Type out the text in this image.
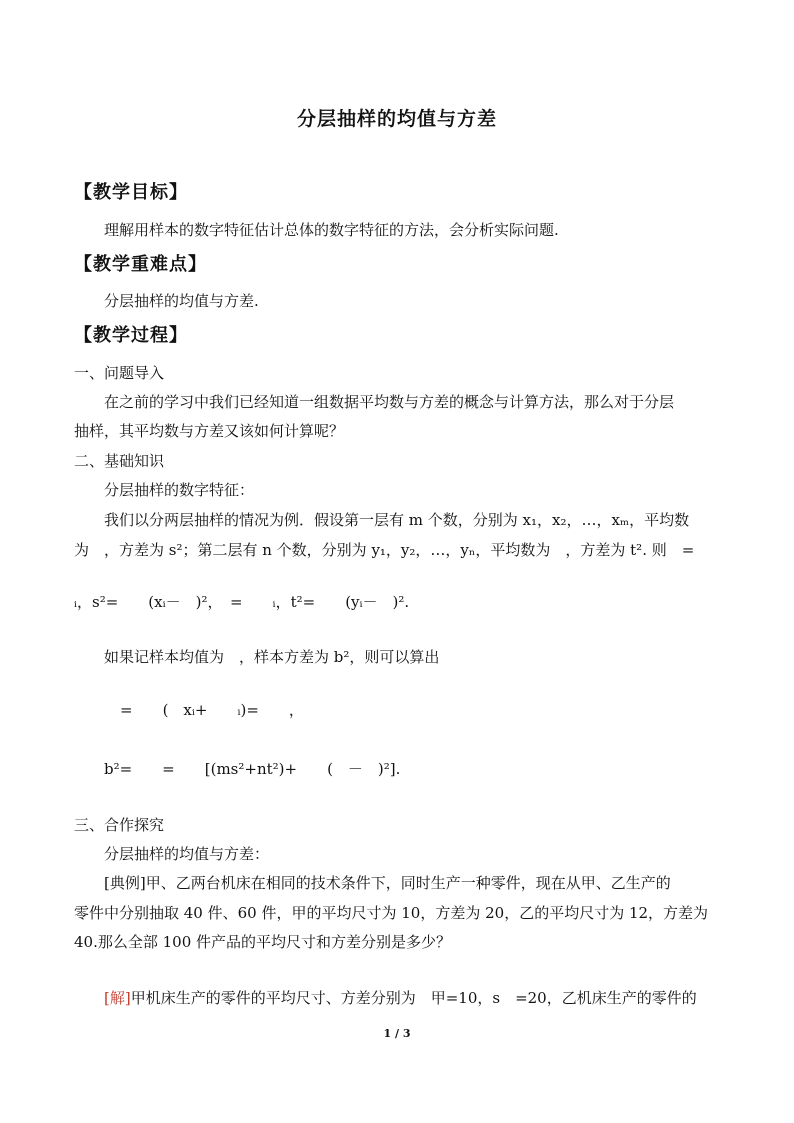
分层抽样的均值与方差
【教学目标】
理解用样本的数字特征估计总体的数字特征的方法，会分析实际问题.
【教学重难点】
分层抽样的均值与方差.
【教学过程】
一、问题导入
在之前的学习中我们已经知道一组数据平均数与方差的概念与计算方法，那么对于分层
抽样，其平均数与方差又该如何计算呢？
二、基础知识
分层抽样的数字特征：
我们以分两层抽样的情况为例．假设第一层有 m 个数，分别为 x₁，x₂，…，xₘ，平均数
为　，方差为 s²；第二层有 n 个数，分别为 y₁，y₂，…，yₙ，平均数为　，方差为 t². 则　=
ᵢ，s²=　　(xᵢ－　)²，　=　　ᵢ，t²=　　(yᵢ－　)².
如果记样本均值为　，样本方差为 b²，则可以算出
=　　(　xᵢ+　　ᵢ)=　　，
b²=　　=　　[(ms²+nt²)+　　(　－　)²].
三、合作探究
分层抽样的均值与方差：
[典例]甲、乙两台机床在相同的技术条件下，同时生产一种零件，现在从甲、乙生产的
零件中分别抽取 40 件、60 件，甲的平均尺寸为 10，方差为 20，乙的平均尺寸为 12，方差为
40.那么全部 100 件产品的平均尺寸和方差分别是多少？
[解]甲机床生产的零件的平均尺寸、方差分别为　甲=10，s　=20，乙机床生产的零件的
1 / 3
